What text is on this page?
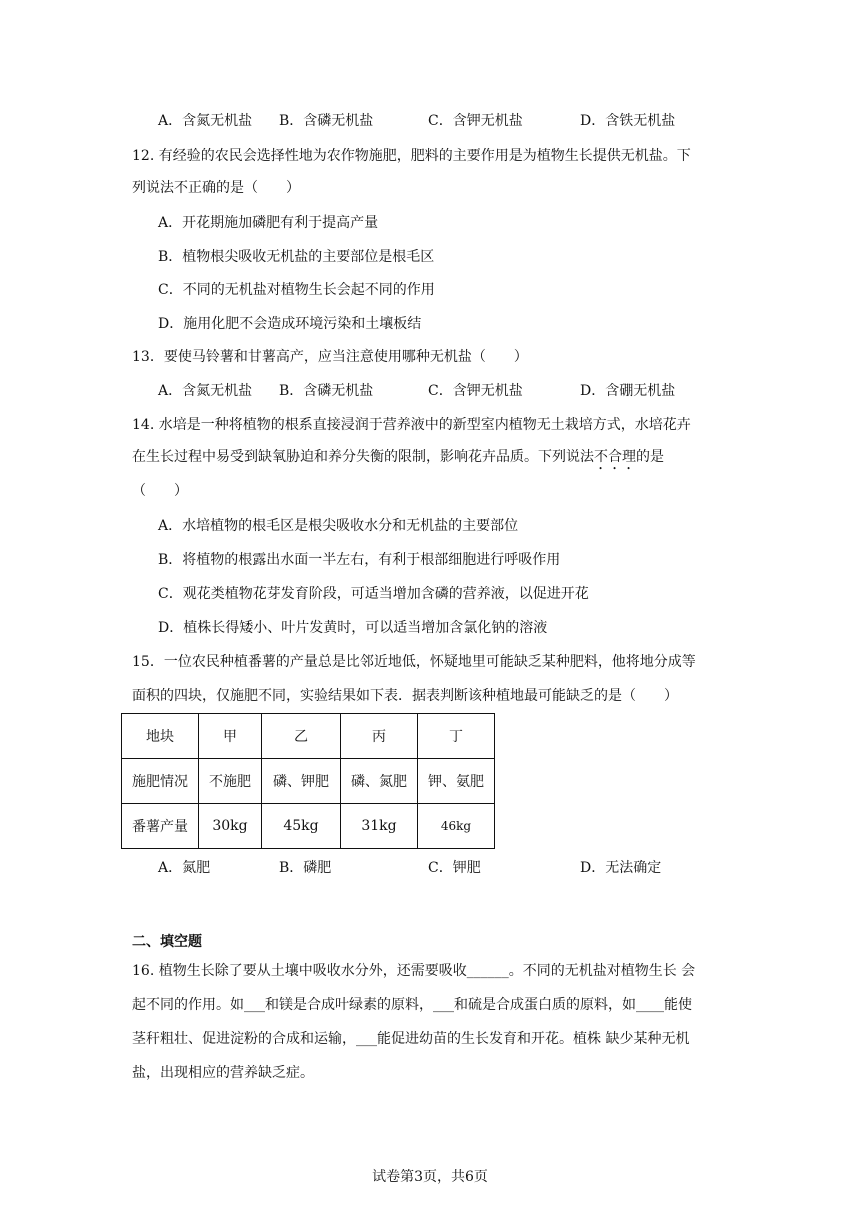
A．含氮无机盐 B．含磷无机盐	C．含钾无机盐	D．含铁无机盐
12. 有经验的农民会选择性地为农作物施肥，肥料的主要作用是为植物生长提供无机盐。下
列说法不正确的是（　　）
A．开花期施加磷肥有利于提高产量
B．植物根尖吸收无机盐的主要部位是根毛区
C．不同的无机盐对植物生长会起不同的作用
D．施用化肥不会造成环境污染和土壤板结
13．要使马铃薯和甘薯高产，应当注意使用哪种无机盐（　　）
A．含氮无机盐 B．含磷无机盐	C．含钾无机盐	D．含硼无机盐
14. 水培是一种将植物的根系直接浸润于营养液中的新型室内植物无土栽培方式，水培花卉
在生长过程中易受到缺氧胁迫和养分失衡的限制，影响花卉品质。下列说法不合理的是
（　　）
A．水培植物的根毛区是根尖吸收水分和无机盐的主要部位
B．将植物的根露出水面一半左右，有利于根部细胞进行呼吸作用
C．观花类植物花芽发育阶段，可适当增加含磷的营养液，以促进开花
D．植株长得矮小、叶片发黄时，可以适当增加含氯化钠的溶液
15．一位农民种植番薯的产量总是比邻近地低，怀疑地里可能缺乏某种肥料，他将地分成等
面积的四块，仅施肥不同，实验结果如下表．据表判断该种植地最可能缺乏的是（　　）
地块	甲	乙	丙	丁
施肥情况	不施肥	磷、钾肥	磷、氮肥	钾、氨肥
番薯产量	30kg	45kg	31kg	46kg
A．氮肥	B．磷肥	C．钾肥	D．无法确定
二、填空题
16. 植物生长除了要从土壤中吸收水分外，还需要吸收______。不同的无机盐对植物生长 会
起不同的作用。如___和镁是合成叶绿素的原料，___和硫是合成蛋白质的原料，如____能使
茎秆粗壮、促进淀粉的合成和运输，___能促进幼苗的生长发育和开花。植株 缺少某种无机
盐，出现相应的营养缺乏症。
试卷第3页，共6页
